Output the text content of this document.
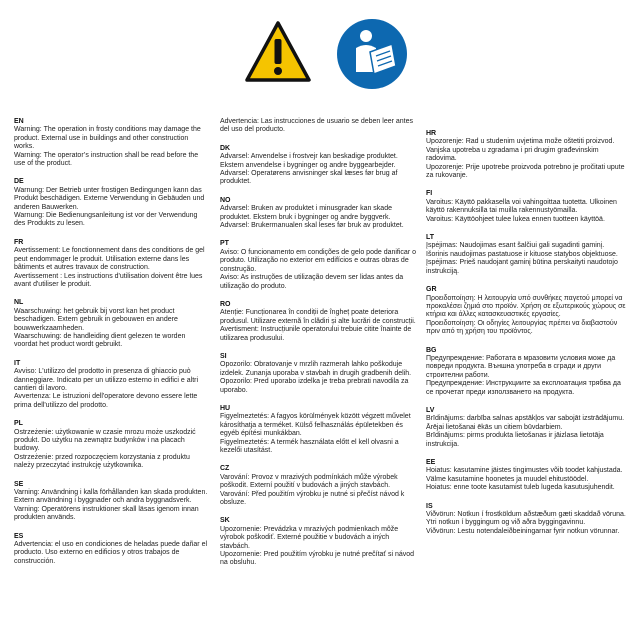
EN
Warning: The operation in frosty conditions may damage the product. External use in buildings and other construction works.
Warning: The operator’s instruction shall be read before the use of the product.
DE
Warnung: Der Betrieb unter frostigen Bedingungen kann das Produkt beschädigen. Externe Verwendung in Gebäuden und anderen Bauwerken.
Warnung: Die Bedienungsanleitung ist vor der Verwendung des Produkts zu lesen.
FR
Avertissement: Le fonctionnement dans des conditions de gel peut endommager le produit. Utilisation externe dans les bâtiments et autres travaux de construction.
Avertissement : Les instructions d'utilisation doivent être lues avant d'utiliser le produit.
NL
Waarschuwing: het gebruik bij vorst kan het product beschadigen. Extern gebruik in gebouwen en andere bouwwerkzaamheden.
Waarschuwing: de handleiding dient gelezen te worden voordat het product wordt gebruikt.
IT
Avviso: L'utilizzo del prodotto in presenza di ghiaccio può danneggiare. Indicato per un utilizzo esterno in edifici e altri cantieri di lavoro.
Avvertenza: Le istruzioni dell'operatore devono essere lette prima dell'utilizzo del prodotto.
PL
Ostrzeżenie: użytkowanie w czasie mrozu może uszkodzić produkt. Do użytku na zewnątrz budynków i na placach budowy.
Ostrzeżenie: przed rozpoczęciem korzystania z produktu należy przeczytać instrukcję użytkownika.
SE
Varning: Användning i kalla förhållanden kan skada produkten. Extern användning i byggnader och andra byggnadsverk.
Varning: Operatörens instruktioner skall läsas igenom innan produkten används.
ES
Advertencia: el uso en condiciones de heladas puede dañar el producto. Uso externo en edificios y otros trabajos de construcción.
Advertencia: Las instrucciones de usuario se deben leer antes del uso del producto.
DK
Advarsel: Anvendelse i frostvejr kan beskadige produktet. Ekstern anvendelse i bygninger og andre byggearbejder.
Advarsel: Operatørens anvisninger skal læses før brug af produktet.
NO
Advarsel: Bruken av produktet i minusgrader kan skade produktet. Ekstern bruk i bygninger og andre byggverk.
Advarsel: Brukermanualen skal leses før bruk av produktet.
PT
Aviso: O funcionamento em condições de gelo pode danificar o produto. Utilização no exterior em edifícios e outras obras de construção.
Aviso: As instruções de utilização devem ser lidas antes da utilização do produto.
RO
Atenție: Funcționarea în condiții de îngheț poate deteriora produsul. Utilizare externă în clădiri și alte lucrări de construcții.
Avertisment: Instrucțiunile operatorului trebuie citite înainte de utilizarea produsului.
SI
Opozorilo: Obratovanje v mrzlih razmerah lahko poškoduje izdelek. Zunanja uporaba v stavbah in drugih gradbenih delih.
Opozorilo: Pred uporabo izdelka je treba prebrati navodila za uporabo.
HU
Figyelmeztetés: A fagyos körülmények között végzett művelet károsíthatja a terméket. Külső felhasználás épületekben és egyéb építési munkákban.
Figyelmeztetés: A termék használata előtt el kell olvasni a kezelői utasítást.
CZ
Varování: Provoz v mrazivých podmínkách může výrobek poškodit. Externí použití v budovách a jiných stavbách.
Varování: Před použitím výrobku je nutné si přečíst návod k obsluze.
SK
Upozornenie: Prevádzka v mrazivých podmienkach môže výrobok poškodiť. Externé použitie v budovách a iných stavbách.
Upozornenie: Pred použitím výrobku je nutné prečítať si návod na obsluhu.
HR
Upozorenje: Rad u studenim uvjetima može oštetiti proizvod. Vanjska upotreba u zgradama i pri drugim građevinskim radovima.
Upozorenje: Prije upotrebe proizvoda potrebno je pročitati upute za rukovanje.
FI
Varoitus: Käyttö pakkasella voi vahingoittaa tuotetta. Ulkoinen käyttö rakennuksilla tai muilla rakennustyömailla.
Varoitus: Käyttöohjeet tulee lukea ennen tuotteen käyttöä.
LT
Įspėjimas: Naudojimas esant šalčiui gali sugadinti gaminį. Išorinis naudojimas pastatuose ir kituose statybos objektuose.
Įspėjimas: Prieš naudojant gaminį būtina perskaityti naudotojo instrukciją.
GR
Προειδοποίηση: Η λειτουργία υπό συνθήκες παγετού μπορεί να προκαλέσει ζημιά στο προϊόν. Χρήση σε εξωτερικούς χώρους σε κτήρια και άλλες κατασκευαστικές εργασίες.
Προειδοποίηση: Οι οδηγίες λειτουργίας πρέπει να διαβαστούν πριν από τη χρήση του προϊόντος.
BG
Предупреждение: Работата в мразовити условия може да повреди продукта. Външна употреба в сгради и други строителни работи.
Предупреждение: Инструкциите за експлоатация трябва да се прочетат преди използването на продукта.
LV
Brīdinājums: darbība salnas apstākļos var sabojāt izstrādājumu. Ārējai lietošanai ēkās un citiem būvdarbiem.
Brīdinājums: pirms produkta lietošanas ir jāizlasa lietotāja instrukcija.
EE
Hoiatus: kasutamine jäistes tingimustes võib toodet kahjustada. Välme kasutamine hoonetes ja muudel ehitustöödel.
Hoiatus: enne toote kasutamist tuleb lugeda kasutusjuhendit.
IS
Viðvörun: Notkun í frostköldum aðstæðum gæti skaddað vöruna. Ytri notkun í byggingum og við aðra byggingavinnu.
Viðvörun: Lestu notendaleiðbeiningarnar fyrir notkun vörunnar.
